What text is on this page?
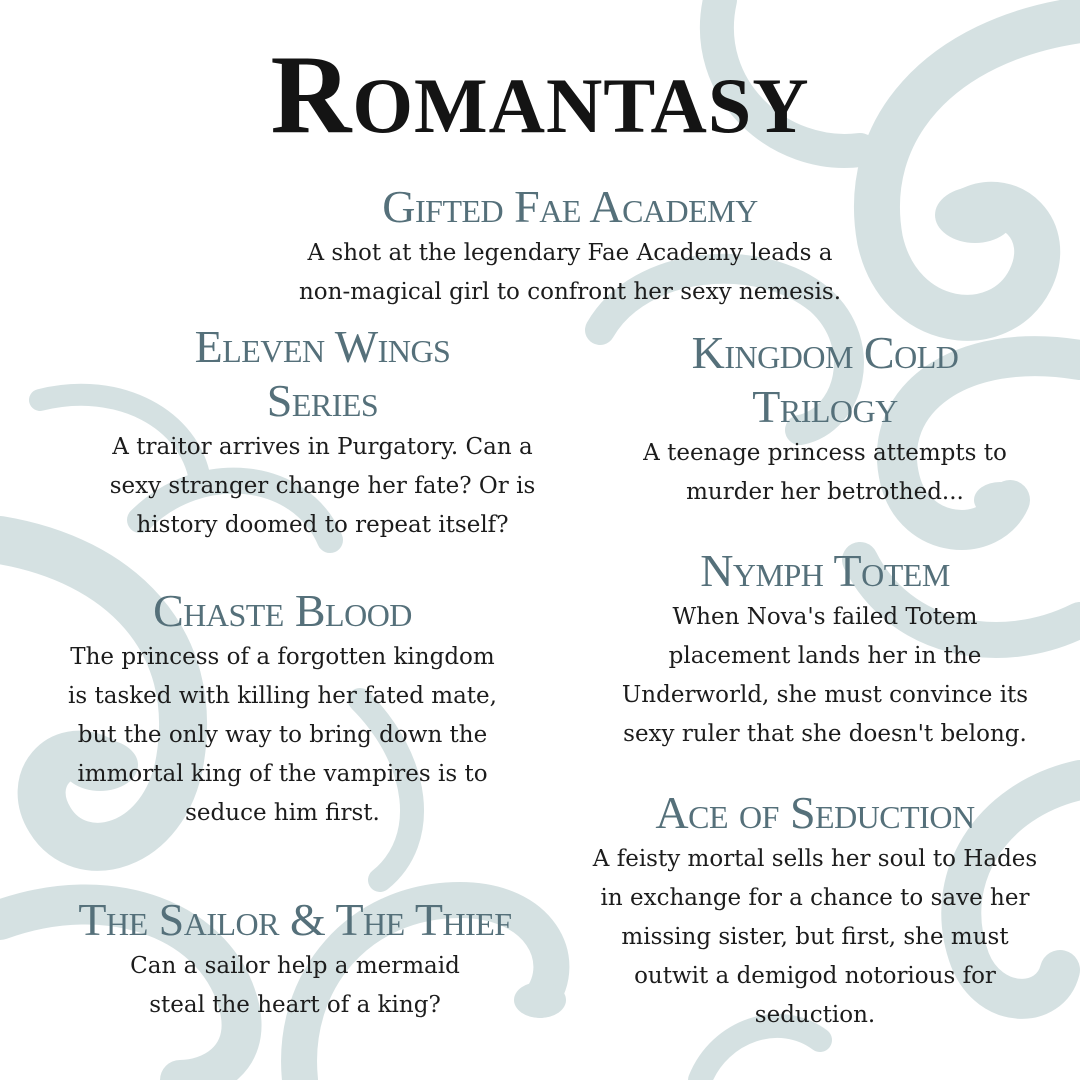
Romantasy
Gifted Fae Academy
A shot at the legendary Fae Academy leads a
non-magical girl to confront her sexy nemesis.
Eleven Wings
Series
A traitor arrives in Purgatory. Can a
sexy stranger change her fate? Or is
history doomed to repeat itself?
Kingdom Cold
Trilogy
A teenage princess attempts to
murder her betrothed...
Nymph Totem
When Nova's failed Totem
placement lands her in the
Underworld, she must convince its
sexy ruler that she doesn't belong.
Chaste Blood
The princess of a forgotten kingdom
is tasked with killing her fated mate,
but the only way to bring down the
immortal king of the vampires is to
seduce him first.	Ace of Seduction
A feisty mortal sells her soul to Hades
in exchange for a chance to save her
missing sister, but first, she must
outwit a demigod notorious for
seduction.
The Sailor & The Thief
Can a sailor help a mermaid
steal the heart of a king?
